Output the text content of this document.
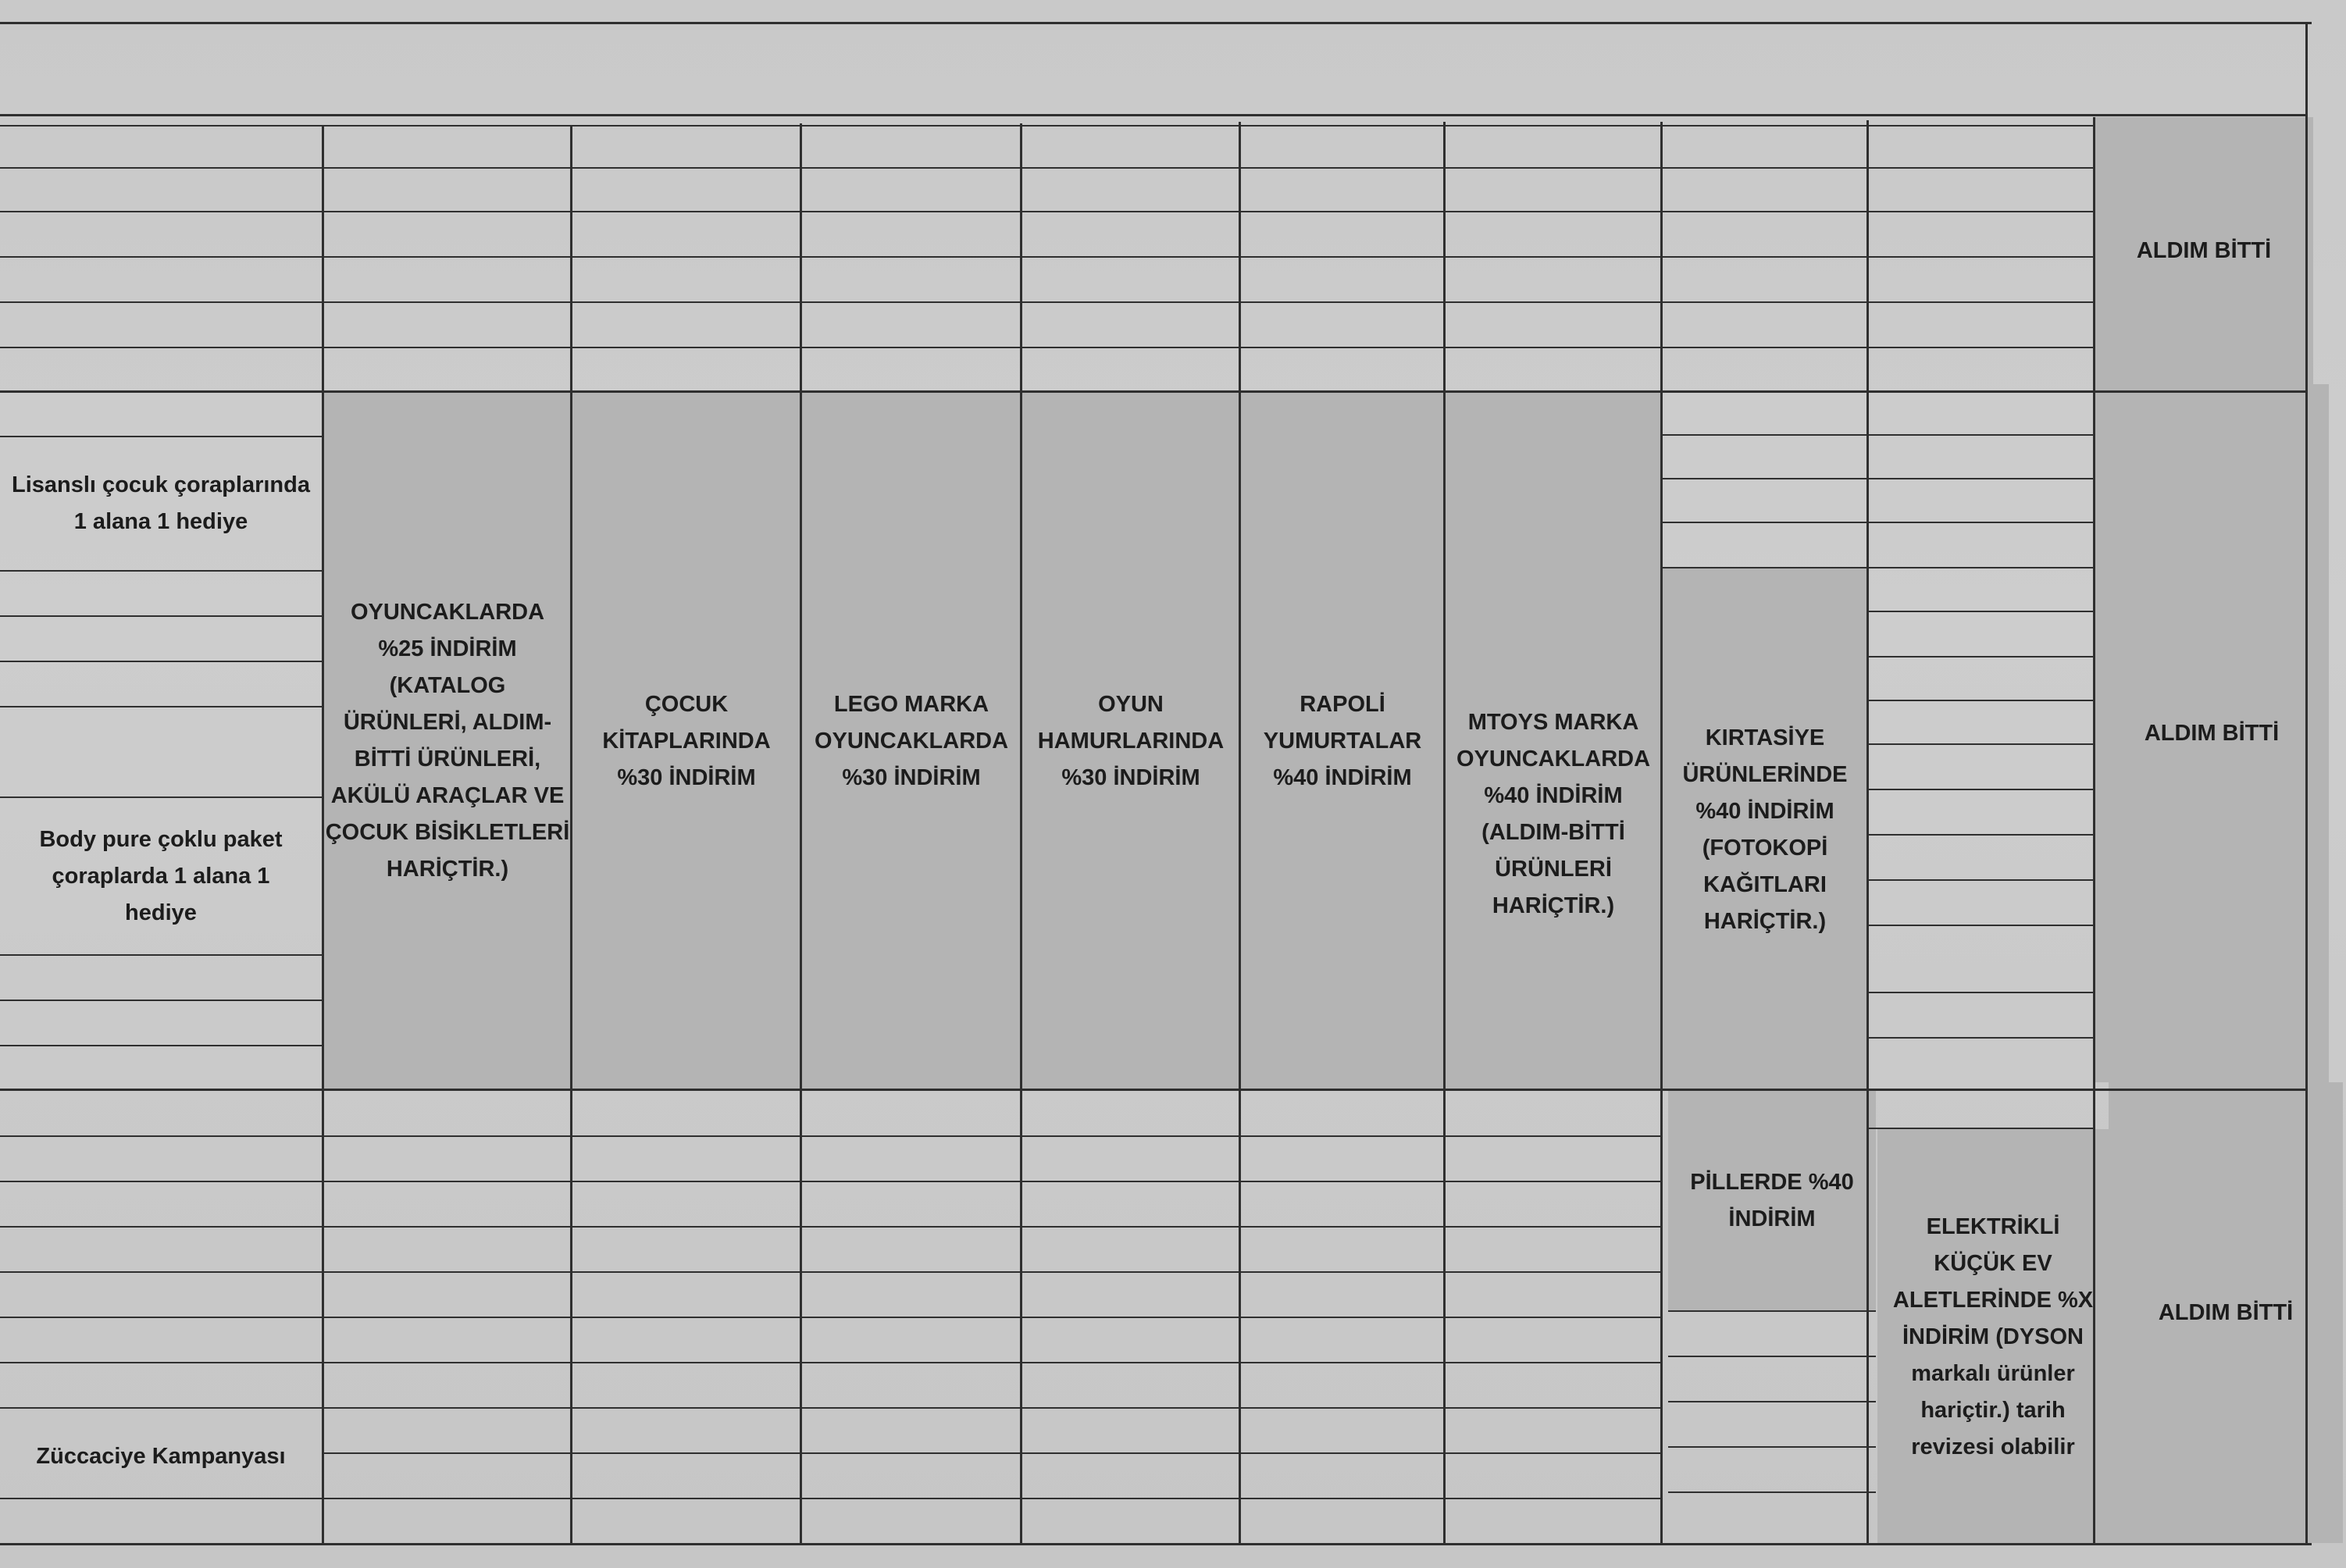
Lisanslı çocuk çoraplarında
1 alana 1 hediye
Body pure çoklu paket
çoraplarda 1 alana 1
hediye
Züccaciye Kampanyası
OYUNCAKLARDA
%25 İNDİRİM
(KATALOG
ÜRÜNLERİ, ALDIM-
BİTTİ ÜRÜNLERİ,
AKÜLÜ ARAÇLAR VE
ÇOCUK BİSİKLETLERİ
HARİÇTİR.)
ÇOCUK
KİTAPLARINDA
%30 İNDİRİM
LEGO MARKA
OYUNCAKLARDA
%30 İNDİRİM
OYUN
HAMURLARINDA
%30 İNDİRİM
RAPOLİ
YUMURTALAR
%40 İNDİRİM
MTOYS MARKA
OYUNCAKLARDA
%40 İNDİRİM
(ALDIM-BİTTİ
ÜRÜNLERİ
HARİÇTİR.)
KIRTASİYE
ÜRÜNLERİNDE
%40 İNDİRİM
(FOTOKOPİ
KAĞITLARI
HARİÇTİR.)
PİLLERDE %40
İNDİRİM	ELEKTRİKLİ
KÜÇÜK EV
ALETLERİNDE %X
İNDİRİM (DYSON
markalı ürünler
hariçtir.) tarih
revizesi olabilir
ALDIM BİTTİ
ALDIM BİTTİ
ALDIM BİTTİ
